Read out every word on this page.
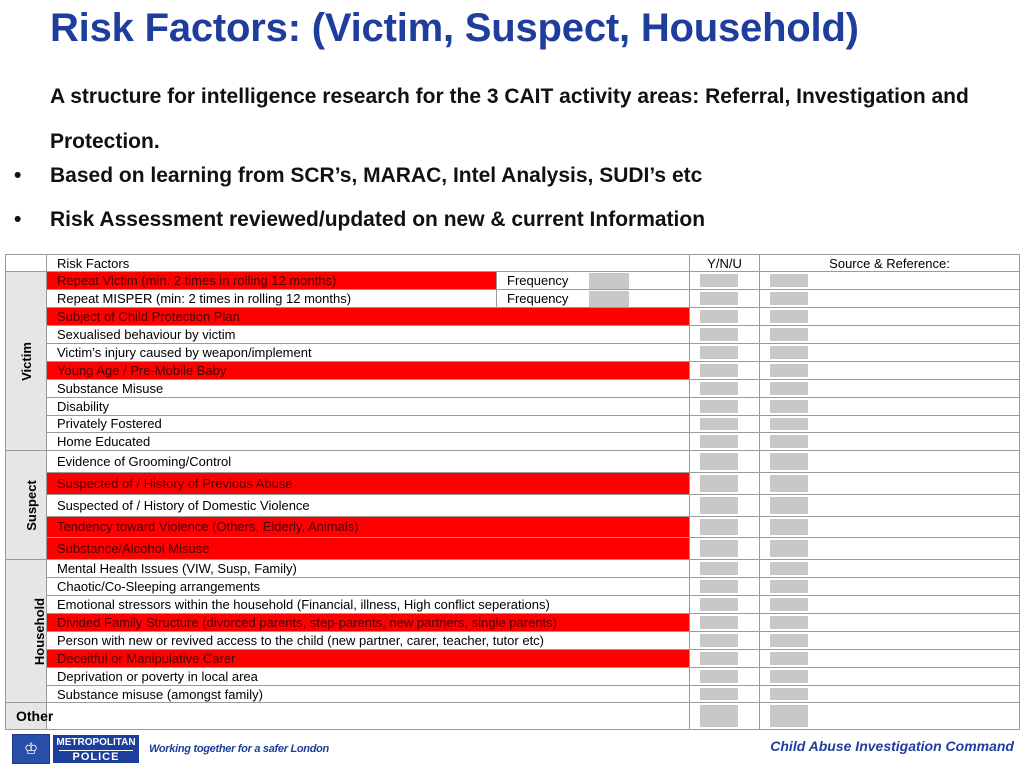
Risk Factors: (Victim, Suspect, Household)

A structure for intelligence research for the 3 CAIT activity areas: Referral, Investigation and Protection.

• Based on learning from SCR’s, MARAC, Intel Analysis, SUDI’s etc
• Risk Assessment reviewed/updated on new & current Information
	Risk Factors		Y/N/U	Source & Reference:
Victim	Repeat Victim (min. 2 times in rolling 12 months)	Frequency		

	Repeat MISPER (min: 2 times in rolling 12 months)	Frequency		

	Subject of Child Protection Plan		

	Sexualised behaviour by victim		

	Victim’s injury caused by weapon/implement		

	Young Age / Pre-Mobile Baby		

	Substance Misuse		

	Disability		

	Privately Fostered		

	Home Educated		

Suspect	Evidence of Grooming/Control		

	Suspected of / History of Previous Abuse		

	Suspected of / History of Domestic Violence		

	Tendency toward Violence (Others, Elderly, Animals)		

	Substance/Alcohol Misuse		

Household	Mental Health Issues (VIW, Susp, Family)		

	Chaotic/Co-Sleeping arrangements		

	Emotional stressors within the household (Financial, illness, High conflict seperations)		

	Divided Family Structure (divorced parents, step-parents, new partners, single parents)		

	Person with new or revived access to the child (new partner, carer, teacher, tutor etc)		

	Deceitful or Manipulative Carer		

	Deprivation or poverty in local area		

	Substance misuse (amongst family)		

Other			

♔	METROPOLITAN
POLICE
Working together for a safer London	Child Abuse Investigation Command
